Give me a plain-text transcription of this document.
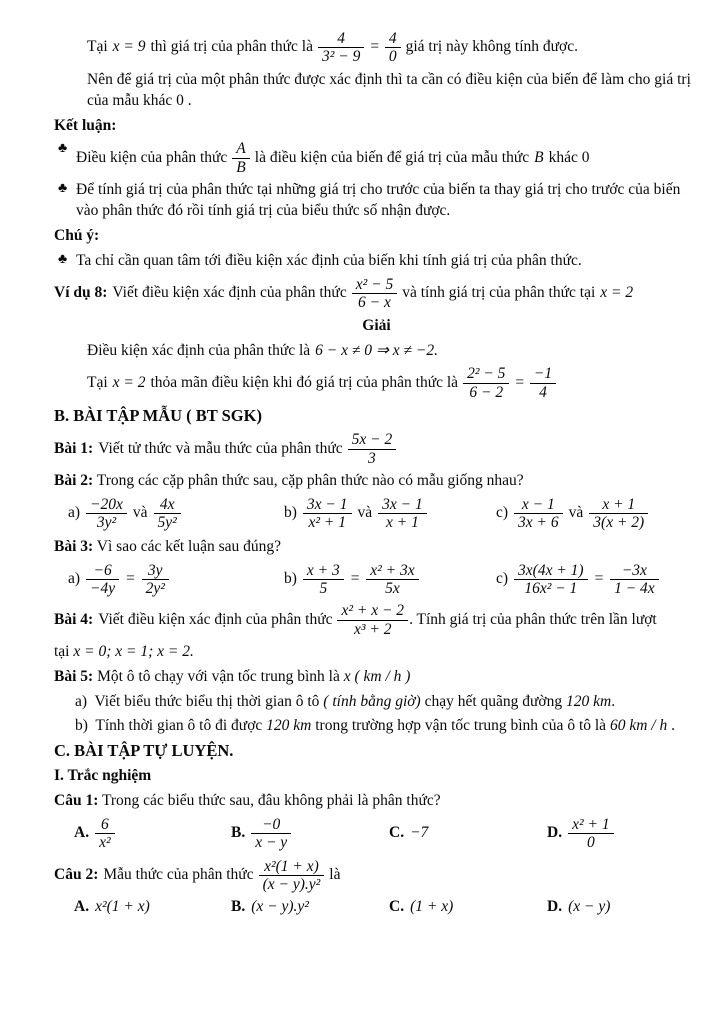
Tại x = 9 thì giá trị của phân thức là $\frac{4}{\text{3² − 9}} = \frac{4}{0}$ giá trị này không tính được.

Nên để giá trị của một phân thức được xác định thì ta cần có điều kiện của biến để làm cho giá trị của mẫu khác 0 .

Kết luận:

♣ Điều kiện của phân thức $\frac{A}{B}$ là điều kiện của biến để giá trị của mẫu thức B khác 0
♣ Để tính giá trị của phân thức tại những giá trị cho trước của biến ta thay giá trị cho trước của biến vào phân thức đó rồi tính giá trị của biểu thức số nhận được.

Chú ý:

♣ Ta chỉ cần quan tâm tới điều kiện xác định của biến khi tính giá trị của phân thức.
Ví dụ 8: Viết điều kiện xác định của phân thức $\frac{\text{x² − 5}}{6 - x}$ và tính giá trị của phân thức tại x = 2

Giải

Điều kiện xác định của phân thức là 6 − x ≠ 0 ⇒ x ≠ −2.
Tại x = 2 thỏa mãn điều kiện khi đó giá trị của phân thức là $\frac{\text{2² − 5}}{6 - 2} = \frac{-1}{4}$

B. BÀI TẬP MẪU ( BT SGK)

Bài 1: Viết tử thức và mẫu thức của phân thức $\frac{5x - 2}{3}$

Bài 2: Trong các cặp phân thức sau, cặp phân thức nào có mẫu giống nhau?

$a) \frac{-20x}{\text{3y²}}$ và $\frac{4x}{\text{5y²}}$	$b) \frac{3x - 1}{\text{x² + 1}}$ và $\frac{3x - 1}{x + 1}$	$c) \frac{x - 1}{3x + 6}$ và $\frac{x + 1}{3(x + 2)}$

Bài 3: Vì sao các kết luận sau đúng?

$a) \frac{-6}{-4y} = \frac{3y}{\text{2y²}}$	$b) \frac{x + 3}{5} = \frac{\text{x² + 3x}}{5x}$	$c) \frac{3x(4x + 1)}{\text{16x² − 1}} = \frac{-3x}{1 - 4x}$
Bài 4: Viết điều kiện xác định của phân thức $\frac{\text{x² + x − 2}}{\text{x³ + 2}}$ . Tính giá trị của phân thức trên lần lượt

tại x = 0; x = 1; x = 2.

Bài 5: Một ô tô chạy với vận tốc trung bình là x ( km / h )

a) Viết biểu thức biểu thị thời gian ô tô ( tính bằng giờ) chạy hết quãng đường 120 km.

b) Tính thời gian ô tô đi được 120 km trong trường hợp vận tốc trung bình của ô tô là 60 km / h .

C. BÀI TẬP TỰ LUYỆN.

I. Trắc nghiệm

Câu 1: Trong các biểu thức sau, đâu không phải là phân thức?

A. $\frac{6}{\text{x²}}$	B. $\frac{-0}{x - y}$	C. −7	D. $\frac{\text{x² + 1}}{0}$
Câu 2: Mẫu thức của phân thức $\frac{\text{x²(1 + x)}}{\text{(x − y).y²}}$ là
A. x²(1 + x)	B. (x − y).y²	C. (1 + x)	D. (x − y)
